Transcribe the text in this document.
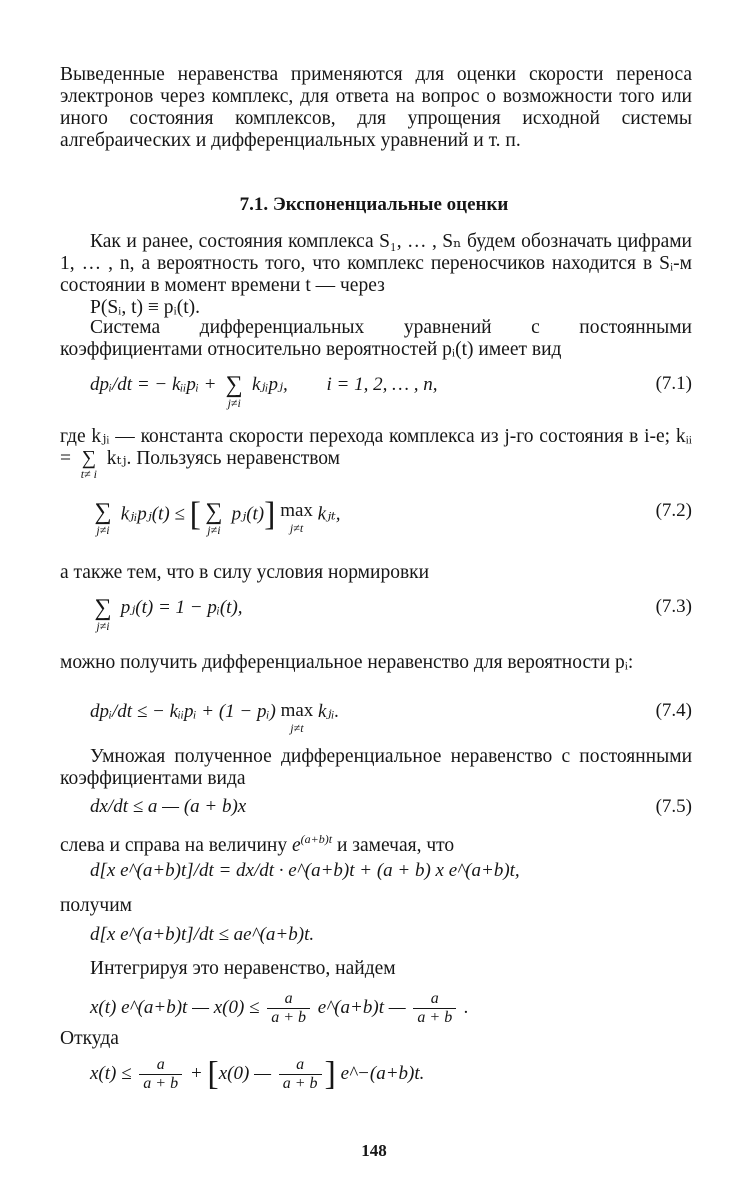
Выведенные неравенства применяются для оценки скорости переноса электронов через комплекс, для ответа на вопрос о возможности того или иного состояния комплексов, для упрощения исходной системы алгебраических и дифференциальных уравнений и т. п.

7.1. Экспоненциальные оценки

Как и ранее, состояния комплекса S₁, … , Sₙ будем обозначать цифрами 1, … , n, а вероятность того, что комплекс переносчиков находится в Sᵢ-м состоянии в момент времени t — через
P(Sᵢ, t) ≡ pᵢ(t).

Система дифференциальных уравнений с постоянными коэффициентами относительно вероятностей pᵢ(t) имеет вид

dpᵢ/dt = − kᵢᵢpᵢ + ∑
j≠i
kⱼᵢpⱼ, i = 1, 2, … , n,	(7.1)

где kⱼᵢ — константа скорости перехода комплекса из j-го состояния в i-е; kᵢᵢ = ∑
t≠ i
kₜⱼ. Пользуясь неравенством

∑
j≠i
kⱼᵢpⱼ(t) ≤ [ ∑
j≠i
pⱼ(t)] max
j≠t
kⱼₜ,	(7.2)

а также тем, что в силу условия нормировки

∑
j≠i
pⱼ(t) = 1 − pᵢ(t),	(7.3)

можно получить дифференциальное неравенство для вероятности pᵢ:

dpᵢ/dt ≤ − kᵢᵢpᵢ + (1 − pᵢ) max
j≠t
kⱼᵢ.	(7.4)

Умножая полученное дифференциальное неравенство с постоянными коэффициентами вида

dx/dt ≤ a — (a + b)x	(7.5)

слева и справа на величину $e^{(a+b)t}$ и замечая, что

d[x e^(a+b)t]/dt = dx/dt · e^(a+b)t + (a + b) x e^(a+b)t,

получим

d[x e^(a+b)t]/dt ≤ ae^(a+b)t.

Интегрируя это неравенство, найдем

x(t) e^(a+b)t — $x(0) \le \frac{a}{a + b}$ e^(a+b)t — $\frac{a}{a + b}$ .

Откуда

$x(t) \le \frac{a}{a + b} + [x(0)$ — $\frac{a}{a + b}$ ] e^−(a+b)t.
148
